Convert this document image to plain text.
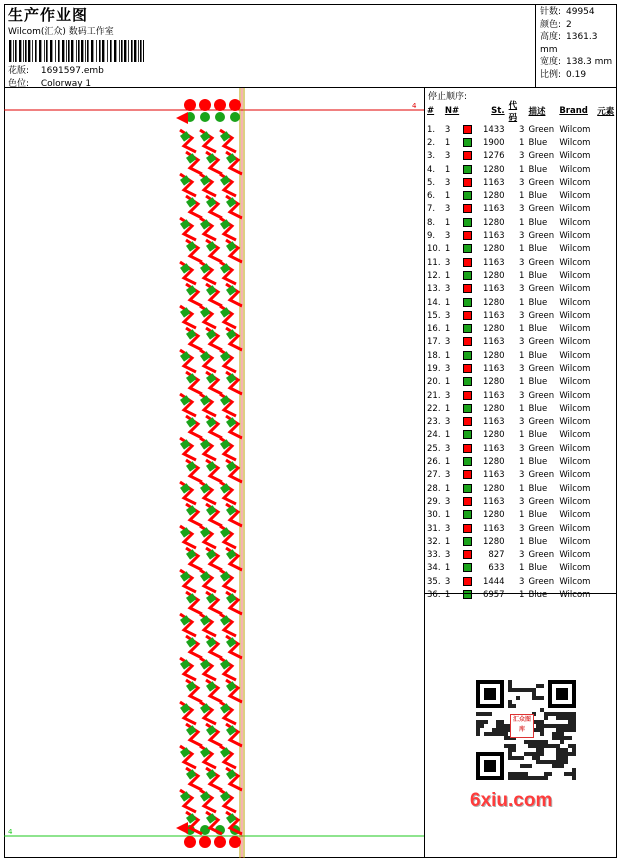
生产作业图
Wilcom(汇众) 数码工作室
花版: 1691597.emb
色位: Colorway 1
针数: 49954
颜色: 2
高度: 1361.3 mm
宽度: 138.3 mm
比例: 0.19
4
4
停止顺序:
#	N#		St.	代码	描述	Brand	元素
1.	3		1433	3	Green	Wilcom	
2.	1		1900	1	Blue	Wilcom	
3.	3		1276	3	Green	Wilcom	
4.	1		1280	1	Blue	Wilcom	
5.	3		1163	3	Green	Wilcom	
6.	1		1280	1	Blue	Wilcom	
7.	3		1163	3	Green	Wilcom	
8.	1		1280	1	Blue	Wilcom	
9.	3		1163	3	Green	Wilcom	
10.	1		1280	1	Blue	Wilcom	
11.	3		1163	3	Green	Wilcom	
12.	1		1280	1	Blue	Wilcom	
13.	3		1163	3	Green	Wilcom	
14.	1		1280	1	Blue	Wilcom	
15.	3		1163	3	Green	Wilcom	
16.	1		1280	1	Blue	Wilcom	
17.	3		1163	3	Green	Wilcom	
18.	1		1280	1	Blue	Wilcom	
19.	3		1163	3	Green	Wilcom	
20.	1		1280	1	Blue	Wilcom	
21.	3		1163	3	Green	Wilcom	
22.	1		1280	1	Blue	Wilcom	
23.	3		1163	3	Green	Wilcom	
24.	1		1280	1	Blue	Wilcom	
25.	3		1163	3	Green	Wilcom	
26.	1		1280	1	Blue	Wilcom	
27.	3		1163	3	Green	Wilcom	
28.	1		1280	1	Blue	Wilcom	
29.	3		1163	3	Green	Wilcom	
30.	1		1280	1	Blue	Wilcom	
31.	3		1163	3	Green	Wilcom	
32.	1		1280	1	Blue	Wilcom	
33.	3		827	3	Green	Wilcom	
34.	1		633	1	Blue	Wilcom	
35.	3		1444	3	Green	Wilcom	
36.	1		6957	1	Blue	Wilcom	
汇众图库
6xiu.com
